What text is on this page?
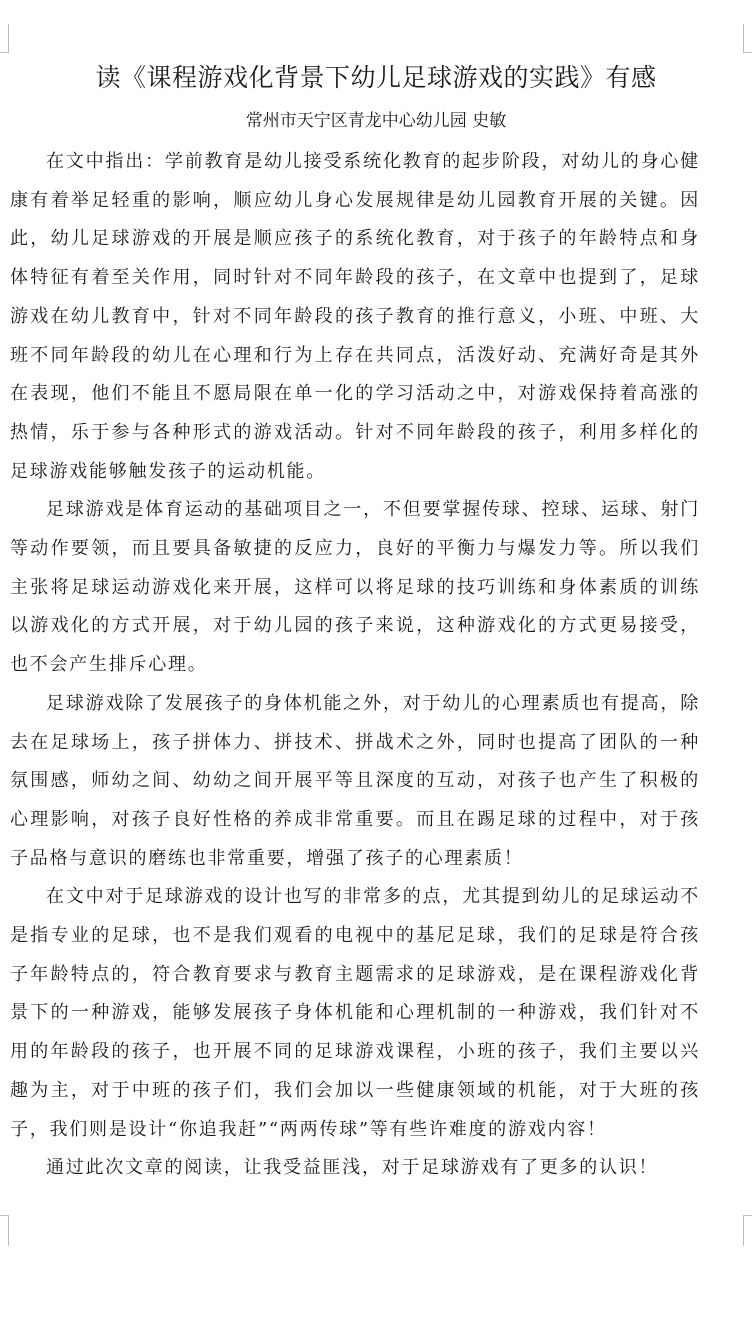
读《课程游戏化背景下幼儿足球游戏的实践》有感

常州市天宁区青龙中心幼儿园 史敏

在文中指出：学前教育是幼儿接受系统化教育的起步阶段，对幼儿的身心健康有着举足轻重的影响，顺应幼儿身心发展规律是幼儿园教育开展的关键。因此，幼儿足球游戏的开展是顺应孩子的系统化教育，对于孩子的年龄特点和身体特征有着至关作用，同时针对不同年龄段的孩子，在文章中也提到了，足球游戏在幼儿教育中，针对不同年龄段的孩子教育的推行意义，小班、中班、大班不同年龄段的幼儿在心理和行为上存在共同点，活泼好动、充满好奇是其外在表现，他们不能且不愿局限在单一化的学习活动之中，对游戏保持着高涨的热情，乐于参与各种形式的游戏活动。针对不同年龄段的孩子，利用多样化的足球游戏能够触发孩子的运动机能。

足球游戏是体育运动的基础项目之一，不但要掌握传球、控球、运球、射门等动作要领，而且要具备敏捷的反应力，良好的平衡力与爆发力等。所以我们主张将足球运动游戏化来开展，这样可以将足球的技巧训练和身体素质的训练以游戏化的方式开展，对于幼儿园的孩子来说，这种游戏化的方式更易接受，也不会产生排斥心理。

足球游戏除了发展孩子的身体机能之外，对于幼儿的心理素质也有提高，除去在足球场上，孩子拼体力、拼技术、拼战术之外，同时也提高了团队的一种氛围感，师幼之间、幼幼之间开展平等且深度的互动，对孩子也产生了积极的心理影响，对孩子良好性格的养成非常重要。而且在踢足球的过程中，对于孩子品格与意识的磨练也非常重要，增强了孩子的心理素质！

在文中对于足球游戏的设计也写的非常多的点，尤其提到幼儿的足球运动不是指专业的足球，也不是我们观看的电视中的基尼足球，我们的足球是符合孩子年龄特点的，符合教育要求与教育主题需求的足球游戏，是在课程游戏化背景下的一种游戏，能够发展孩子身体机能和心理机制的一种游戏，我们针对不用的年龄段的孩子，也开展不同的足球游戏课程，小班的孩子，我们主要以兴趣为主，对于中班的孩子们，我们会加以一些健康领域的机能，对于大班的孩子，我们则是设计“你追我赶”“两两传球”等有些许难度的游戏内容！

通过此次文章的阅读，让我受益匪浅，对于足球游戏有了更多的认识！
